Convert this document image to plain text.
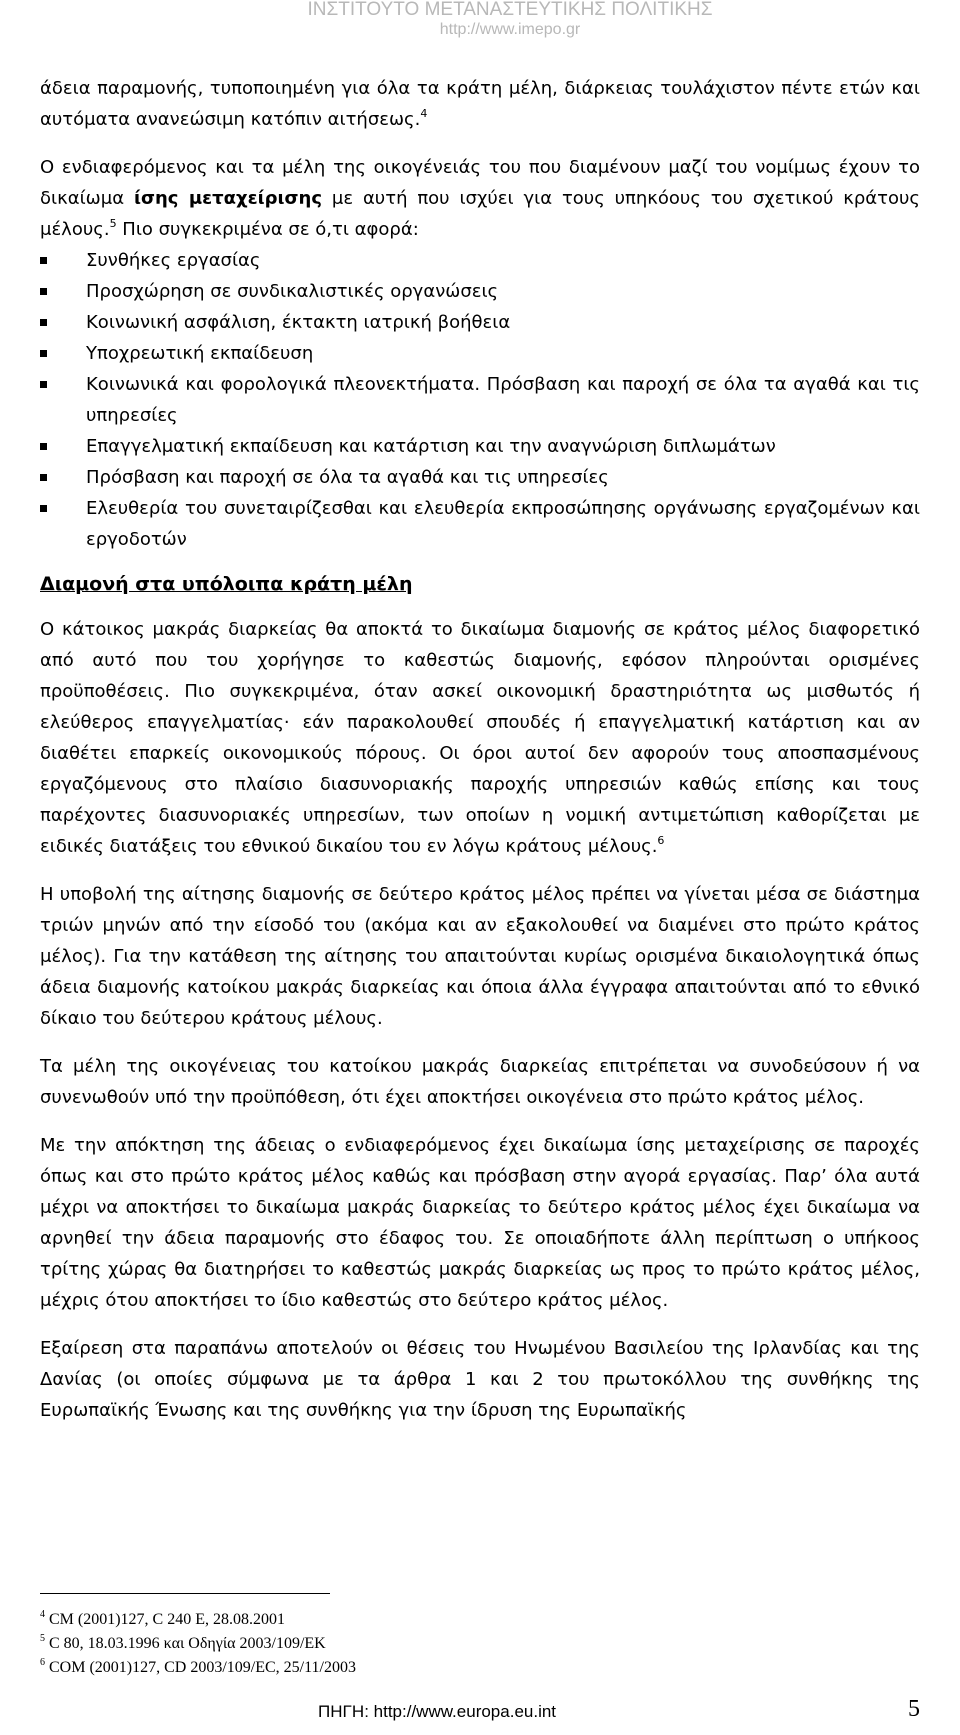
ΙΝΣΤΙΤΟΥΤΟ ΜΕΤΑΝΑΣΤΕΥΤΙΚΗΣ ΠΟΛΙΤΙΚΗΣ
http://www.imepo.gr

άδεια παραμονής, τυποποιημένη για όλα τα κράτη μέλη, διάρκειας τουλάχιστον πέντε ετών και αυτόματα ανανεώσιμη κατόπιν αιτήσεως.$^4$

Ο ενδιαφερόμενος και τα μέλη της οικογένειάς του που διαμένουν μαζί του νομίμως έχουν το δικαίωμα ίσης μεταχείρισης με αυτή που ισχύει για τους υπηκόους του σχετικού κράτους μέλους.$^5$ Πιο συγκεκριμένα σε ό,τι αφορά:

Συνθήκες εργασίας
Προσχώρηση σε συνδικαλιστικές οργανώσεις
Κοινωνική ασφάλιση, έκτακτη ιατρική βοήθεια
Υποχρεωτική εκπαίδευση
Κοινωνικά και φορολογικά πλεονεκτήματα. Πρόσβαση και παροχή σε όλα τα αγαθά και τις υπηρεσίες
Επαγγελματική εκπαίδευση και κατάρτιση και την αναγνώριση διπλωμάτων
Πρόσβαση και παροχή σε όλα τα αγαθά και τις υπηρεσίες
Ελευθερία του συνεταιρίζεσθαι και ελευθερία εκπροσώπησης οργάνωσης εργαζομένων και εργοδοτών
Διαμονή στα υπόλοιπα κράτη μέλη

Ο κάτοικος μακράς διαρκείας θα αποκτά το δικαίωμα διαμονής σε κράτος μέλος διαφορετικό από αυτό που του χορήγησε το καθεστώς διαμονής, εφόσον πληρούνται ορισμένες προϋποθέσεις. Πιο συγκεκριμένα, όταν ασκεί οικονομική δραστηριότητα ως μισθωτός ή ελεύθερος επαγγελματίας· εάν παρακολουθεί σπουδές ή επαγγελματική κατάρτιση και αν διαθέτει επαρκείς οικονομικούς πόρους. Οι όροι αυτοί δεν αφορούν τους αποσπασμένους εργαζόμενους στο πλαίσιο διασυνοριακής παροχής υπηρεσιών καθώς επίσης και τους παρέχοντες διασυνοριακές υπηρεσίων, των οποίων η νομική αντιμετώπιση καθορίζεται με ειδικές διατάξεις του εθνικού δικαίου του εν λόγω κράτους μέλους.$^6$

Η υποβολή της αίτησης διαμονής σε δεύτερο κράτος μέλος πρέπει να γίνεται μέσα σε διάστημα τριών μηνών από την είσοδό του (ακόμα και αν εξακολουθεί να διαμένει στο πρώτο κράτος μέλος). Για την κατάθεση της αίτησης του απαιτούνται κυρίως ορισμένα δικαιολογητικά όπως άδεια διαμονής κατοίκου μακράς διαρκείας και όποια άλλα έγγραφα απαιτούνται από το εθνικό δίκαιο του δεύτερου κράτους μέλους.

Τα μέλη της οικογένειας του κατοίκου μακράς διαρκείας επιτρέπεται να συνοδεύσουν ή να συνενωθούν υπό την προϋπόθεση, ότι έχει αποκτήσει οικογένεια στο πρώτο κράτος μέλος.

Με την απόκτηση της άδειας ο ενδιαφερόμενος έχει δικαίωμα ίσης μεταχείρισης σε παροχές όπως και στο πρώτο κράτος μέλος καθώς και πρόσβαση στην αγορά εργασίας. Παρ’ όλα αυτά μέχρι να αποκτήσει το δικαίωμα μακράς διαρκείας το δεύτερο κράτος μέλος έχει δικαίωμα να αρνηθεί την άδεια παραμονής στο έδαφος του. Σε οποιαδήποτε άλλη περίπτωση ο υπήκοος τρίτης χώρας θα διατηρήσει το καθεστώς μακράς διαρκείας ως προς το πρώτο κράτος μέλος, μέχρις ότου αποκτήσει το ίδιο καθεστώς στο δεύτερο κράτος μέλος.

Εξαίρεση στα παραπάνω αποτελούν οι θέσεις του Ηνωμένου Βασιλείου της Ιρλανδίας και της Δανίας (οι οποίες σύμφωνα με τα άρθρα 1 και 2 του πρωτοκόλλου της συνθήκης της Ευρωπαϊκής Ένωσης και της συνθήκης για την ίδρυση της Ευρωπαϊκής

$^4$ CM (2001)127, C 240 E, 28.08.2001
$^5$ C 80, 18.03.1996 και Οδηγία 2003/109/EK
$^6$ COM (2001)127, CD 2003/109/EC, 25/11/2003
ΠΗΓΗ: http://www.europa.eu.int	5
